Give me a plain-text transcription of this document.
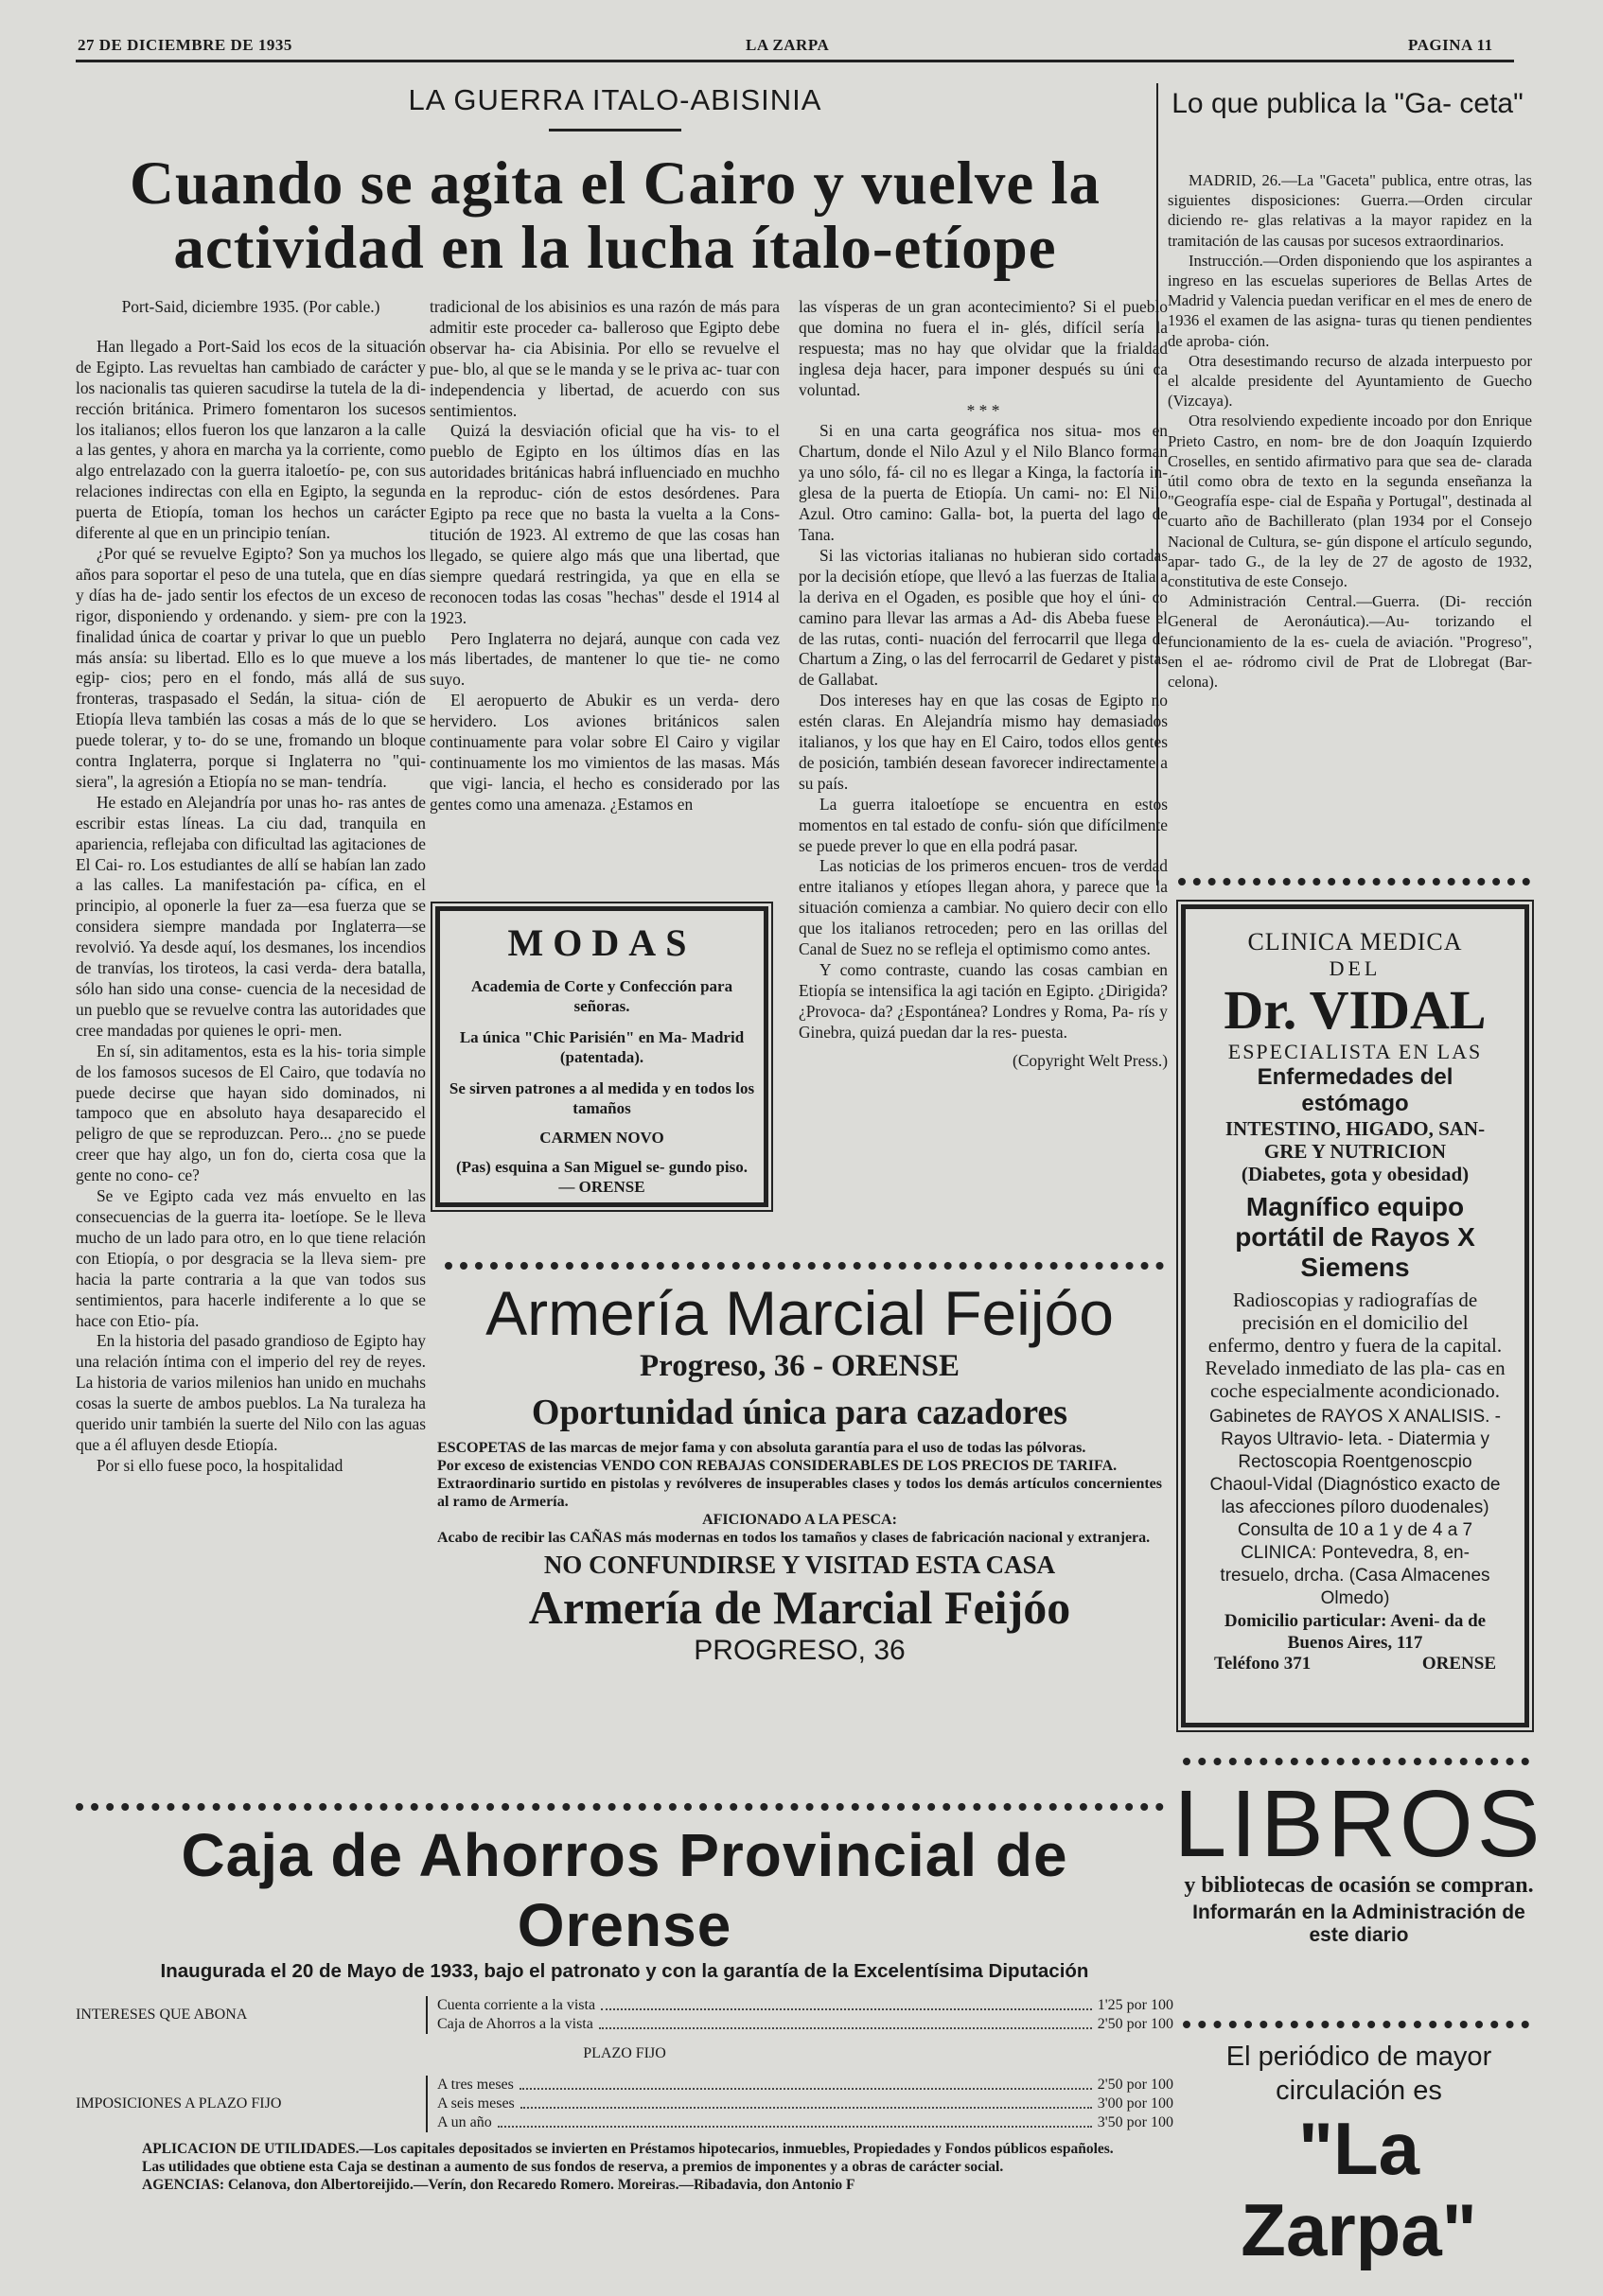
27 DE DICIEMBRE DE 1935	LA ZARPA	PAGINA 11
LA GUERRA ITALO-ABISINIA
Cuando se agita el Cairo y vuelve la actividad en la lucha ítalo-etíope

Port-Said, diciembre 1935. (Por cable.)

Han llegado a Port-Said los ecos de la situación de Egipto. Las revueltas han cambiado de carácter y los nacionalis tas quieren sacudirse la tutela de la di- rección británica. Primero fomentaron los sucesos los italianos; ellos fueron los que lanzaron a la calle a las gentes, y ahora en marcha ya la corriente, como algo entrelazado con la guerra italoetío- pe, con sus relaciones indirectas con ella en Egipto, la segunda puerta de Etiopía, toman los hechos un carácter diferente al que en un principio tenían.

¿Por qué se revuelve Egipto? Son ya muchos los años para soportar el peso de una tutela, que en días y días ha de- jado sentir los efectos de un exceso de rigor, disponiendo y ordenando. y siem- pre con la finalidad única de coartar y privar lo que un pueblo más ansía: su libertad. Ello es lo que mueve a los egip- cios; pero en el fondo, más allá de sus fronteras, traspasado el Sedán, la situa- ción de Etiopía lleva también las cosas a más de lo que se puede tolerar, y to- do se une, fromando un bloque contra Inglaterra, porque si Inglaterra no "qui- siera", la agresión a Etiopía no se man- tendría.

He estado en Alejandría por unas ho- ras antes de escribir estas líneas. La ciu dad, tranquila en apariencia, reflejaba con dificultad las agitaciones de El Cai- ro. Los estudiantes de allí se habían lan zado a las calles. La manifestación pa- cífica, en el principio, al oponerle la fuer za—esa fuerza que se considera siempre mandada por Inglaterra—se revolvió. Ya desde aquí, los desmanes, los incendios de tranvías, los tiroteos, la casi verda- dera batalla, sólo han sido una conse- cuencia de la necesidad de un pueblo que se revuelve contra las autoridades que cree mandadas por quienes le opri- men.

En sí, sin aditamentos, esta es la his- toria simple de los famosos sucesos de El Cairo, que todavía no puede decirse que hayan sido dominados, ni tampoco que en absoluto haya desaparecido el peligro de que se reproduzcan. Pero... ¿no se puede creer que hay algo, un fon do, cierta cosa que la gente no cono- ce?

Se ve Egipto cada vez más envuelto en las consecuencias de la guerra ita- loetíope. Se le lleva mucho de un lado para otro, en lo que tiene relación con Etiopía, o por desgracia se la lleva siem- pre hacia la parte contraria a la que van todos sus sentimientos, para hacerle indiferente a lo que se hace con Etio- pía.

En la historia del pasado grandioso de Egipto hay una relación íntima con el imperio del rey de reyes. La historia de varios milenios han unido en muchahs cosas la suerte de ambos pueblos. La Na turaleza ha querido unir también la suerte del Nilo con las aguas que a él afluyen desde Etiopía.

Por si ello fuese poco, la hospitalidad

tradicional de los abisinios es una razón de más para admitir este proceder ca- balleroso que Egipto debe observar ha- cia Abisinia. Por ello se revuelve el pue- blo, al que se le manda y se le priva ac- tuar con independencia y libertad, de acuerdo con sus sentimientos.

Quizá la desviación oficial que ha vis- to el pueblo de Egipto en los últimos días en las autoridades británicas habrá influenciado en muchho en la reproduc- ción de estos desórdenes. Para Egipto pa rece que no basta la vuelta a la Cons- titución de 1923. Al extremo de que las cosas han llegado, se quiere algo más que una libertad, que siempre quedará restringida, ya que en ella se reconocen todas las cosas "hechas" desde el 1914 al 1923.

Pero Inglaterra no dejará, aunque con cada vez más libertades, de mantener lo que tie- ne como suyo.

El aeropuerto de Abukir es un verda- dero hervidero. Los aviones británicos salen continuamente para volar sobre El Cairo y vigilar continuamente los mo vimientos de las masas. Más que vigi- lancia, el hecho es considerado por las gentes como una amenaza. ¿Estamos en

las vísperas de un gran acontecimiento? Si el pueblo que domina no fuera el in- glés, difícil sería la respuesta; mas no hay que olvidar que la frialdad inglesa deja hacer, para imponer después su úni ca voluntad.

* * *

Si en una carta geográfica nos situa- mos en Chartum, donde el Nilo Azul y el Nilo Blanco forman ya uno sólo, fá- cil no es llegar a Kinga, la factoría in- glesa de la puerta de Etiopía. Un cami- no: El Nilo Azul. Otro camino: Galla- bot, la puerta del lago de Tana.

Si las victorias italianas no hubieran sido cortadas por la decisión etíope, que llevó a las fuerzas de Italia a la deriva en el Ogaden, es posible que hoy el úni- co camino para llevar las armas a Ad- dis Abeba fuese el de las rutas, conti- nuación del ferrocarril que llega de Chartum a Zing, o las del ferrocarril de Gedaret y pistas de Gallabat.

Dos intereses hay en que las cosas de Egipto no estén claras. En Alejandría mismo hay demasiados italianos, y los que hay en El Cairo, todos ellos gentes de posición, también desean favorecer indirectamente a su país.

La guerra italoetíope se encuentra en estos momentos en tal estado de confu- sión que difícilmente se puede prever lo que en ella podrá pasar.

Las noticias de los primeros encuen- tros de verdad entre italianos y etíopes llegan ahora, y parece que la situación comienza a cambiar. No quiero decir con ello que los italianos retroceden; pero en las orillas del Canal de Suez no se refleja el optimismo como antes.

Y como contraste, cuando las cosas cambian en Etiopía se intensifica la agi tación en Egipto. ¿Dirigida? ¿Provoca- da? ¿Espontánea? Londres y Roma, Pa- rís y Ginebra, quizá puedan dar la res- puesta.

(Copyright Welt Press.)

MODAS
Academia de Corte y Confección para señoras.
La única "Chic Parisién" en Ma- Madrid (patentada).
Se sirven patrones a al medida y en todos los tamaños
CARMEN NOVO
(Pas) esquina a San Miguel se- gundo piso. — ORENSE
Armería Marcial Feijóo
Progreso, 36 - ORENSE
Oportunidad única para cazadores
ESCOPETAS de las marcas de mejor fama y con absoluta garantía para el uso de todas las pólvoras.
Por exceso de existencias VENDO CON REBAJAS CONSIDERABLES DE LOS PRECIOS DE TARIFA.
Extraordinario surtido en pistolas y revólveres de insuperables clases y todos los demás artículos concernientes al ramo de Armería.
AFICIONADO A LA PESCA:
Acabo de recibir las CAÑAS más modernas en todos los tamaños y clases de fabricación nacional y extranjera.
NO CONFUNDIRSE Y VISITAD ESTA CASA
Armería de Marcial Feijóo
PROGRESO, 36
Lo que publica la "Ga- ceta"

MADRID, 26.—La "Gaceta" publica, entre otras, las siguientes disposiciones: Guerra.—Orden circular diciendo re- glas relativas a la mayor rapidez en la tramitación de las causas por sucesos extraordinarios.

Instrucción.—Orden disponiendo que los aspirantes a ingreso en las escuelas superiores de Bellas Artes de Madrid y Valencia puedan verificar en el mes de enero de 1936 el examen de las asigna- turas qu tienen pendientes de aproba- ción.

Otra desestimando recurso de alzada interpuesto por el alcalde presidente del Ayuntamiento de Guecho (Vizcaya).

Otra resolviendo expediente incoado por don Enrique Prieto Castro, en nom- bre de don Joaquín Izquierdo Croselles, en sentido afirmativo para que sea de- clarada útil como obra de texto en la segunda enseñanza la "Geografía espe- cial de España y Portugal", destinada al cuarto año de Bachillerato (plan 1934 por el Consejo Nacional de Cultura, se- gún dispone el artículo segundo, apar- tado G., de la ley de 27 de agosto de 1932, constitutiva de este Consejo.

Administración Central.—Guerra. (Di- rección General de Aeronáutica).—Au- torizando el funcionamiento de la es- cuela de aviación. "Progreso", en el ae- ródromo civil de Prat de Llobregat (Bar- celona).

CLINICA MEDICA
DEL
Dr. VIDAL
ESPECIALISTA EN LAS
Enfermedades del estómago
INTESTINO, HIGADO, SAN- GRE Y NUTRICION
(Diabetes, gota y obesidad)
Magnífico equipo portátil de Rayos X Siemens
Radioscopias y radiografías de precisión en el domicilio del enfermo, dentro y fuera de la capital.
Revelado inmediato de las pla- cas en coche especialmente acondicionado.
Gabinetes de RAYOS X ANALISIS. - Rayos Ultravio- leta. - Diatermia y Rectoscopia Roentgenoscpio Chaoul-Vidal (Diagnóstico exacto de las afecciones píloro duodenales) Consulta de 10 a 1 y de 4 a 7 CLINICA: Pontevedra, 8, en- tresuelo, drcha. (Casa Almacenes Olmedo)
Domicilio particular: Aveni- da de Buenos Aires, 117
Teléfono 371	ORENSE
LIBROS
y bibliotecas de ocasión se compran.
Informarán en la Administración de este diario
El periódico de mayor circulación es
"La Zarpa"
Caja de Ahorros Provincial de Orense
Inaugurada el 20 de Mayo de 1933, bajo el patronato y con la garantía de la Excelentísima Diputación
INTERESES QUE ABONA
Cuenta corriente a la vista	1'25 por 100
Caja de Ahorros a la vista	2'50 por 100
PLAZO FIJO
IMPOSICIONES A PLAZO FIJO
A tres meses	2'50 por 100
A seis meses	3'00 por 100
A un año	3'50 por 100
APLICACION DE UTILIDADES.—Los capitales depositados se invierten en Préstamos hipotecarios, inmuebles, Propiedades y Fondos públicos españoles.
Las utilidades que obtiene esta Caja se destinan a aumento de sus fondos de reserva, a premios de imponentes y a obras de carácter social.
AGENCIAS: Celanova, don Albertoreijido.—Verín, don Recaredo Romero. Moreiras.—Ribadavia, don Antonio F
